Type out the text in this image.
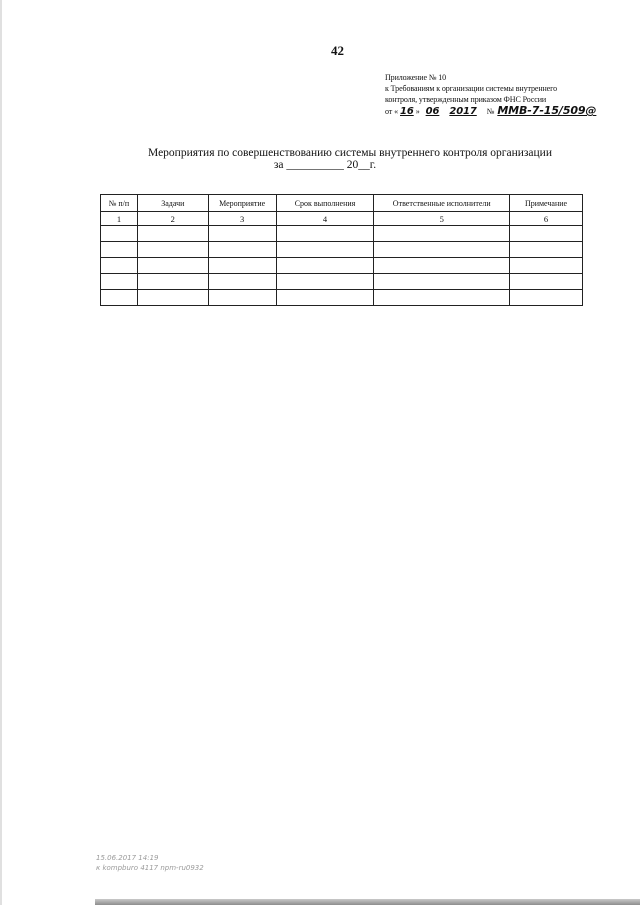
42
Приложение № 10
к Требованиям к организации системы внутреннего
контроля, утвержденным приказом ФНС России
от « 16 » 06 2017 № ММВ-7-15/509@
Мероприятия по совершенствованию системы внутреннего контроля организации
за __________ 20__г.
№ п/п	Задачи	Мероприятие	Срок выполнения	Ответственные исполнители	Примечание
1	2	3	4	5	6

15.06.2017 14:19
к kompburo 4117 npm-ru0932
